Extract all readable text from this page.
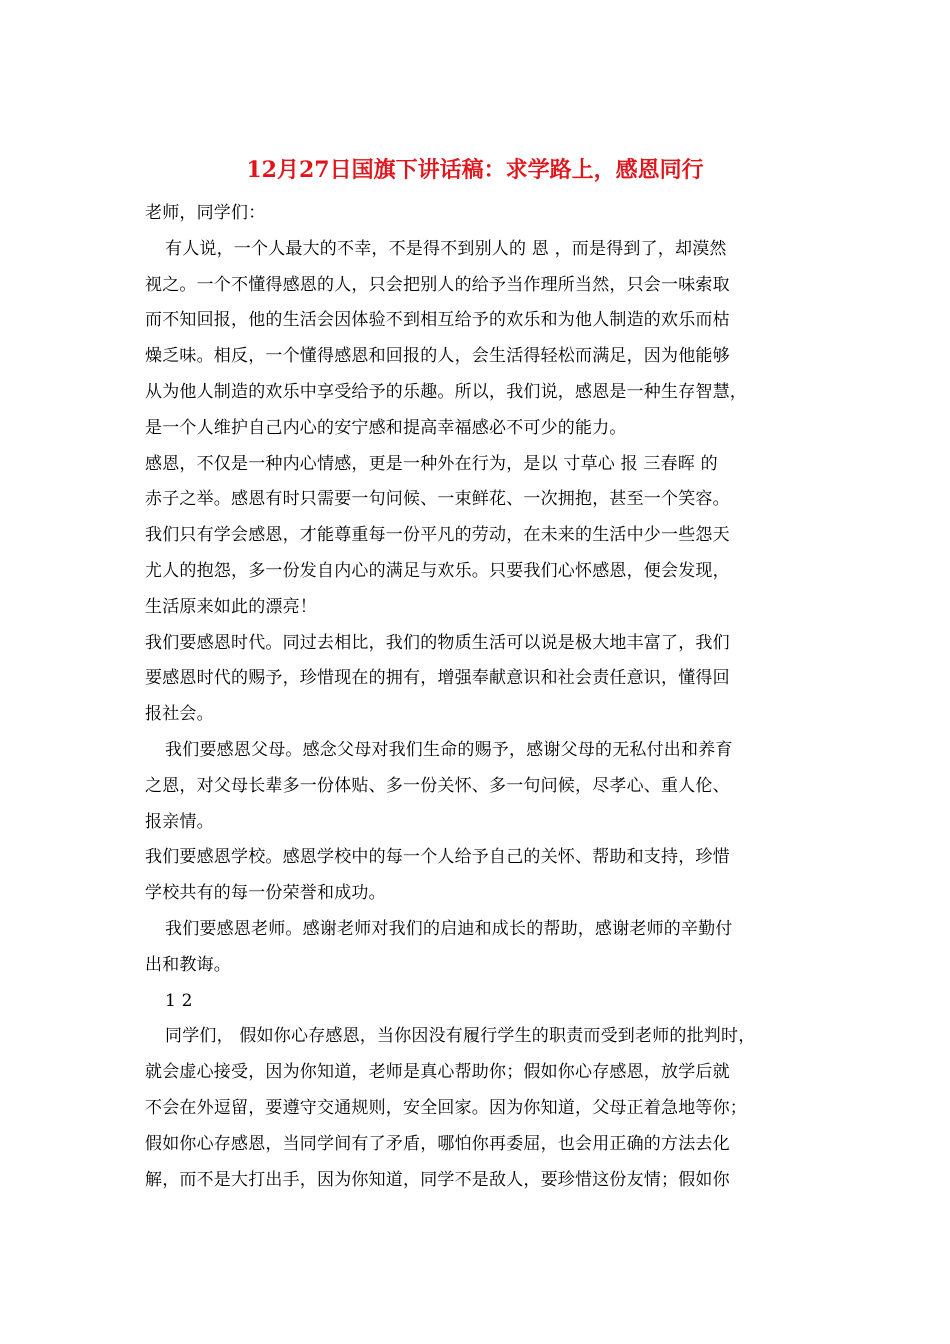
12月27日国旗下讲话稿：求学路上，感恩同行
老师，同学们：
有人说，一个人最大的不幸，不是得不到别人的 恩 ，而是得到了，却漠然
视之。一个不懂得感恩的人，只会把别人的给予当作理所当然，只会一味索取
而不知回报，他的生活会因体验不到相互给予的欢乐和为他人制造的欢乐而枯
燥乏味。相反，一个懂得感恩和回报的人，会生活得轻松而满足，因为他能够
从为他人制造的欢乐中享受给予的乐趣。所以，我们说，感恩是一种生存智慧，
是一个人维护自己内心的安宁感和提高幸福感必不可少的能力。
感恩，不仅是一种内心情感，更是一种外在行为，是以 寸草心 报 三春晖 的
赤子之举。感恩有时只需要一句问候、一束鲜花、一次拥抱，甚至一个笑容。
我们只有学会感恩，才能尊重每一份平凡的劳动，在未来的生活中少一些怨天
尤人的抱怨，多一份发自内心的满足与欢乐。只要我们心怀感恩，便会发现，
生活原来如此的漂亮！
我们要感恩时代。同过去相比，我们的物质生活可以说是极大地丰富了，我们
要感恩时代的赐予，珍惜现在的拥有，增强奉献意识和社会责任意识，懂得回
报社会。
我们要感恩父母。感念父母对我们生命的赐予，感谢父母的无私付出和养育
之恩，对父母长辈多一份体贴、多一份关怀、多一句问候，尽孝心、重人伦、
报亲情。
我们要感恩学校。感恩学校中的每一个人给予自己的关怀、帮助和支持，珍惜
学校共有的每一份荣誉和成功。
我们要感恩老师。感谢老师对我们的启迪和成长的帮助，感谢老师的辛勤付
出和教诲。
1 2
同学们， 假如你心存感恩，当你因没有履行学生的职责而受到老师的批判时，
就会虚心接受，因为你知道，老师是真心帮助你；假如你心存感恩，放学后就
不会在外逗留，要遵守交通规则，安全回家。因为你知道，父母正着急地等你；
假如你心存感恩，当同学间有了矛盾，哪怕你再委屈，也会用正确的方法去化
解，而不是大打出手，因为你知道，同学不是敌人，要珍惜这份友情；假如你
